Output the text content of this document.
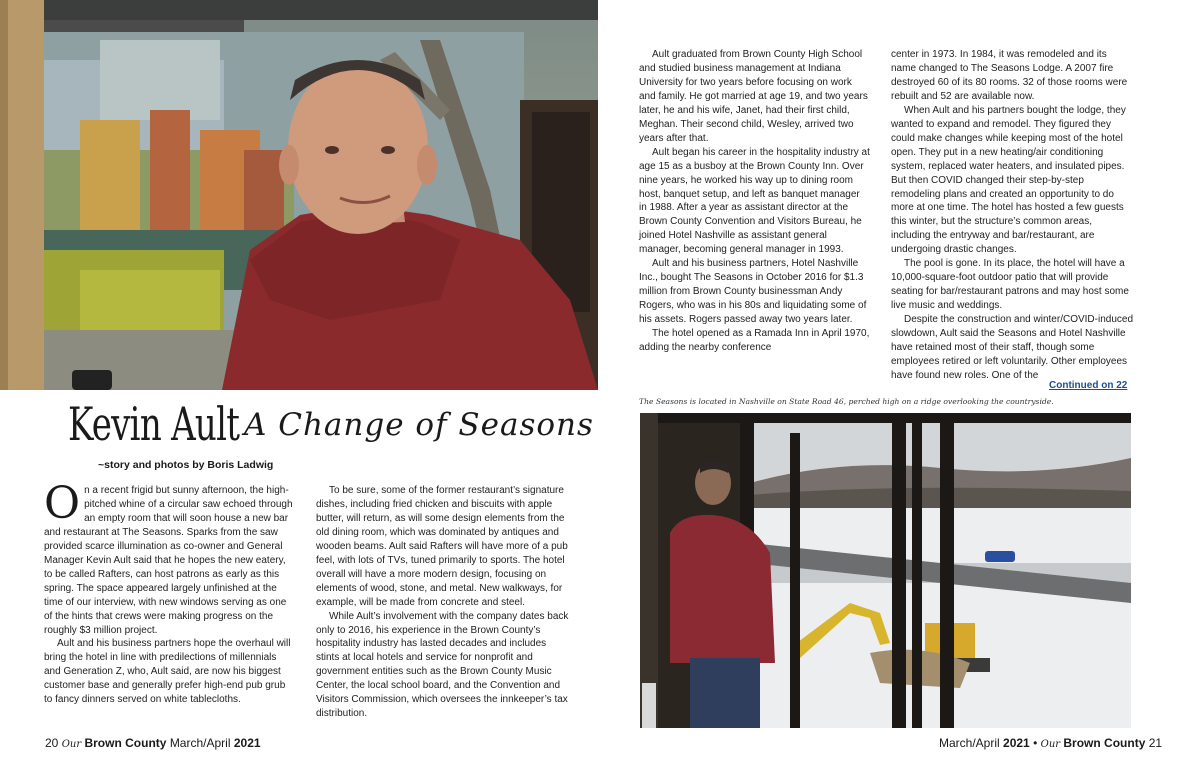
Kevin Ault A Change of Seasons
~story and photos by Boris Ladwig

On a recent frigid but sunny afternoon, the high-pitched whine of a circular saw echoed through an empty room that will soon house a new bar and restaurant at The Seasons. Sparks from the saw provided scarce illumination as co-owner and General Manager Kevin Ault said that he hopes the new eatery, to be called Rafters, can host patrons as early as this spring. The space appeared largely unfinished at the time of our interview, with new windows serving as one of the hints that crews were making progress on the roughly $3 million project.

Ault and his business partners hope the overhaul will bring the hotel in line with predilections of millennials and Generation Z, who, Ault said, are now his biggest customer base and generally prefer high-end pub grub to fancy dinners served on white tablecloths.

To be sure, some of the former restaurant’s signature dishes, including fried chicken and biscuits with apple butter, will return, as will some design elements from the old dining room, which was dominated by antiques and wooden beams. Ault said Rafters will have more of a pub feel, with lots of TVs, tuned primarily to sports. The hotel overall will have a more modern design, focusing on elements of wood, stone, and metal. New walkways, for example, will be made from concrete and steel.

While Ault’s involvement with the company dates back only to 2016, his experience in the Brown County’s hospitality industry has lasted decades and includes stints at local hotels and service for nonprofit and government entities such as the Brown County Music Center, the local school board, and the Convention and Visitors Commission, which oversees the innkeeper’s tax distribution.

Ault graduated from Brown County High School and studied business management at Indiana University for two years before focusing on work and family. He got married at age 19, and two years later, he and his wife, Janet, had their first child, Meghan. Their second child, Wesley, arrived two years after that.

Ault began his career in the hospitality industry at age 15 as a busboy at the Brown County Inn. Over nine years, he worked his way up to dining room host, banquet setup, and left as banquet manager in 1988. After a year as assistant director at the Brown County Convention and Visitors Bureau, he joined Hotel Nashville as assistant general manager, becoming general manager in 1993.

Ault and his business partners, Hotel Nashville Inc., bought The Seasons in October 2016 for $1.3 million from Brown County businessman Andy Rogers, who was in his 80s and liquidating some of his assets. Rogers passed away two years later.

The hotel opened as a Ramada Inn in April 1970, adding the nearby conference

center in 1973. In 1984, it was remodeled and its name changed to The Seasons Lodge. A 2007 fire destroyed 60 of its 80 rooms. 32 of those rooms were rebuilt and 52 are available now.

When Ault and his partners bought the lodge, they wanted to expand and remodel. They figured they could make changes while keeping most of the hotel open. They put in a new heating/air conditioning system, replaced water heaters, and insulated pipes. But then COVID changed their step-by-step remodeling plans and created an opportunity to do more at one time. The hotel has hosted a few guests this winter, but the structure’s common areas, including the entryway and bar/restaurant, are undergoing drastic changes.

The pool is gone. In its place, the hotel will have a 10,000-square-foot outdoor patio that will provide seating for bar/restaurant patrons and may host some live music and weddings.

Despite the construction and winter/COVID-induced slowdown, Ault said the Seasons and Hotel Nashville have retained most of their staff, though some employees retired or left voluntarily. Other employees have found new roles. One of the

Continued on 22
The Seasons is located in Nashville on State Road 46, perched high on a ridge overlooking the countryside.
20 Our Brown County March/April 2021	March/April 2021 • Our Brown County 21
